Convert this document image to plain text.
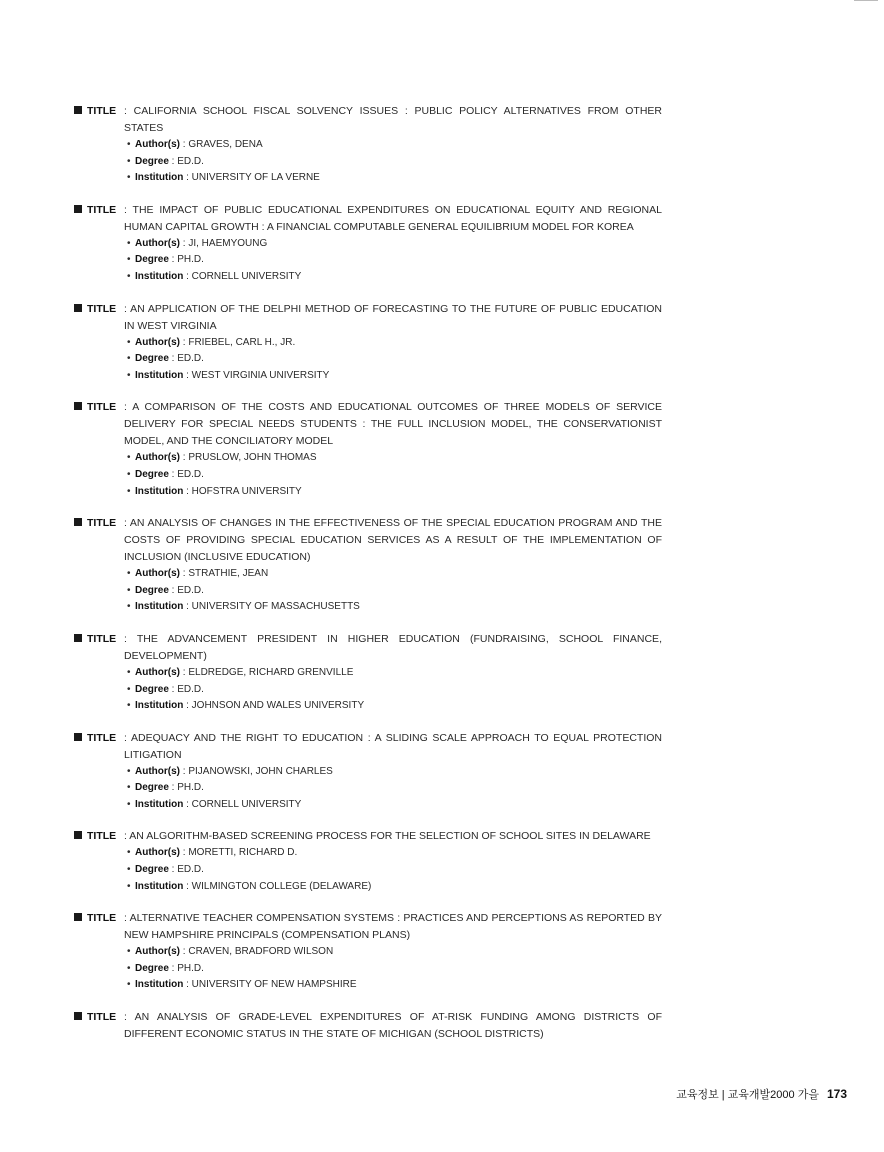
TITLE : CALIFORNIA SCHOOL FISCAL SOLVENCY ISSUES : PUBLIC POLICY ALTERNATIVES FROM OTHER STATES
• Author(s) : GRAVES, DENA
• Degree : ED.D.
• Institution : UNIVERSITY OF LA VERNE
TITLE : THE IMPACT OF PUBLIC EDUCATIONAL EXPENDITURES ON EDUCATIONAL EQUITY AND REGIONAL HUMAN CAPITAL GROWTH : A FINANCIAL COMPUTABLE GENERAL EQUILIBRIUM MODEL FOR KOREA
• Author(s) : JI, HAEMYOUNG
• Degree : PH.D.
• Institution : CORNELL UNIVERSITY
TITLE : AN APPLICATION OF THE DELPHI METHOD OF FORECASTING TO THE FUTURE OF PUBLIC EDUCATION IN WEST VIRGINIA
• Author(s) : FRIEBEL, CARL H., JR.
• Degree : ED.D.
• Institution : WEST VIRGINIA UNIVERSITY
TITLE : A COMPARISON OF THE COSTS AND EDUCATIONAL OUTCOMES OF THREE MODELS OF SERVICE DELIVERY FOR SPECIAL NEEDS STUDENTS : THE FULL INCLUSION MODEL, THE CONSERVATIONIST MODEL, AND THE CONCILIATORY MODEL
• Author(s) : PRUSLOW, JOHN THOMAS
• Degree : ED.D.
• Institution : HOFSTRA UNIVERSITY
TITLE : AN ANALYSIS OF CHANGES IN THE EFFECTIVENESS OF THE SPECIAL EDUCATION PROGRAM AND THE COSTS OF PROVIDING SPECIAL EDUCATION SERVICES AS A RESULT OF THE IMPLEMENTATION OF INCLUSION (INCLUSIVE EDUCATION)
• Author(s) : STRATHIE, JEAN
• Degree : ED.D.
• Institution : UNIVERSITY OF MASSACHUSETTS
TITLE : THE ADVANCEMENT PRESIDENT IN HIGHER EDUCATION (FUNDRAISING, SCHOOL FINANCE, DEVELOPMENT)
• Author(s) : ELDREDGE, RICHARD GRENVILLE
• Degree : ED.D.
• Institution : JOHNSON AND WALES UNIVERSITY
TITLE : ADEQUACY AND THE RIGHT TO EDUCATION : A SLIDING SCALE APPROACH TO EQUAL PROTECTION LITIGATION
• Author(s) : PIJANOWSKI, JOHN CHARLES
• Degree : PH.D.
• Institution : CORNELL UNIVERSITY
TITLE : AN ALGORITHM-BASED SCREENING PROCESS FOR THE SELECTION OF SCHOOL SITES IN DELAWARE
• Author(s) : MORETTI, RICHARD D.
• Degree : ED.D.
• Institution : WILMINGTON COLLEGE (DELAWARE)
TITLE : ALTERNATIVE TEACHER COMPENSATION SYSTEMS : PRACTICES AND PERCEPTIONS AS REPORTED BY NEW HAMPSHIRE PRINCIPALS (COMPENSATION PLANS)
• Author(s) : CRAVEN, BRADFORD WILSON
• Degree : PH.D.
• Institution : UNIVERSITY OF NEW HAMPSHIRE
TITLE : AN ANALYSIS OF GRADE-LEVEL EXPENDITURES OF AT-RISK FUNDING AMONG DISTRICTS OF DIFFERENT ECONOMIC STATUS IN THE STATE OF MICHIGAN (SCHOOL DISTRICTS)
교육정보 | 교육개발2000 가을 173
